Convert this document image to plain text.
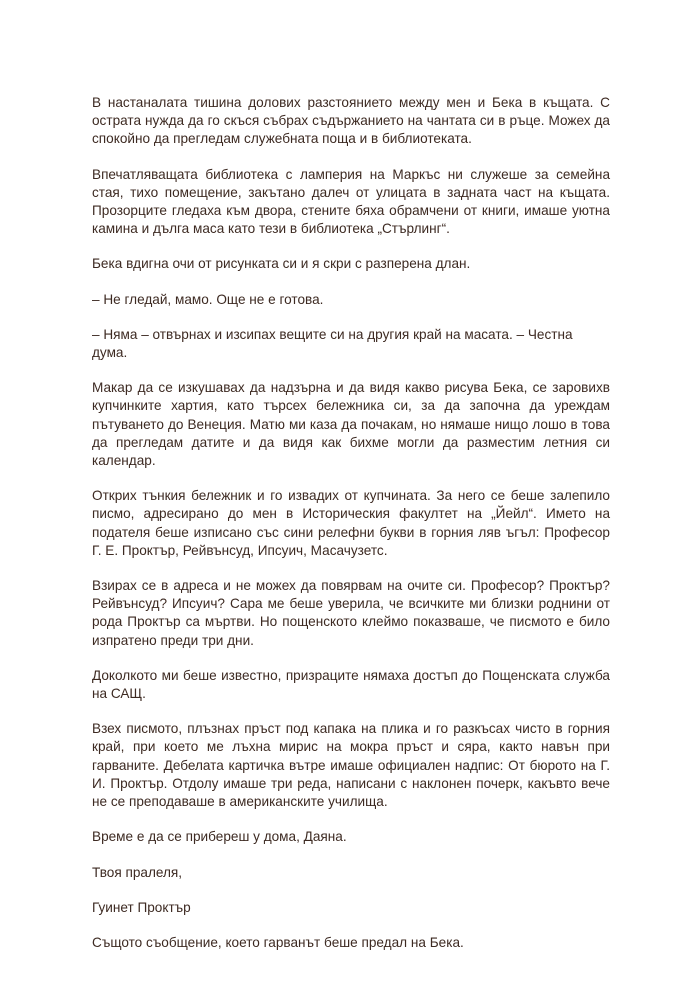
В настаналата тишина долових разстоянието между мен и Бека в къщата. С острата нужда да го скъся събрах съдържанието на чантата си в ръце. Можех да спокойно да прегледам служебната поща и в библиотеката.

Впечатляващата библиотека с ламперия на Маркъс ни служеше за семейна стая, тихо помещение, закътано далеч от улицата в задната част на къщата. Прозорците гледаха към двора, стените бяха обрамчени от книги, имаше уютна камина и дълга маса като тези в библиотека „Стърлинг“.

Бека вдигна очи от рисунката си и я скри с разперена длан.

– Не гледай, мамо. Още не е готова.

– Няма – отвърнах и изсипах вещите си на другия край на масата. – Честна дума.

Макар да се изкушавах да надзърна и да видя какво рисува Бека, се заровихв купчинките хартия, като търсех бележника си, за да започна да уреждам пътуването до Венеция. Матю ми каза да почакам, но нямаше нищо лошо в това да прегледам датите и да видя как бихме могли да разместим летния си календар.

Открих тънкия бележник и го извадих от купчината. За него се беше залепило писмо, адресирано до мен в Историческия факултет на „Йейл“. Името на подателя беше изписано със сини релефни букви в горния ляв ъгъл: Професор Г. Е. Проктър, Рейвънсуд, Ипсуич, Масачузетс.

Взирах се в адреса и не можех да повярвам на очите си. Професор? Проктър? Рейвънсуд? Ипсуич? Сара ме беше уверила, че всичките ми близки роднини от рода Проктър са мъртви. Но пощенското клеймо показваше, че писмото е било изпратено преди три дни.

Доколкото ми беше известно, призраците нямаха достъп до Пощенската служба на САЩ.

Взех писмото, плъзнах пръст под капака на плика и го разкъсах чисто в горния край, при което ме лъхна мирис на мокра пръст и сяра, както навън при гарваните. Дебелата картичка вътре имаше официален надпис: От бюрото на Г. И. Проктър. Отдолу имаше три реда, написани с наклонен почерк, какъвто вече не се преподаваше в американските училища.

Време е да се прибереш у дома, Даяна.

Твоя пралеля,

Гуинет Проктър

Същото съобщение, което гарванът беше предал на Бека.
